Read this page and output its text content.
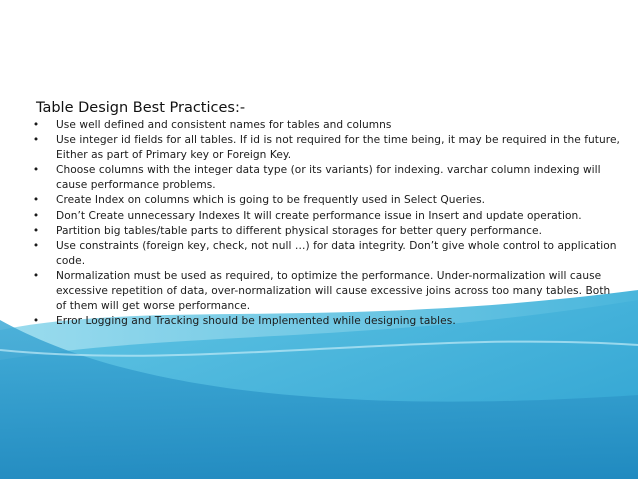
Table Design Best Practices:-
• Use well defined and consistent names for tables and columns
• Use integer id fields for all tables. If id is not required for the time being, it may be required in the future, Either as part of Primary key or Foreign Key.
• Choose columns with the integer data type (or its variants) for indexing. varchar column indexing will cause performance problems.
• Create Index on columns which is going to be frequently used in Select Queries.
• Don’t Create unnecessary Indexes It will create performance issue in Insert and update operation.
• Partition big tables/table parts to different physical storages for better query performance.
• Use constraints (foreign key, check, not null …) for data integrity. Don’t give whole control to application code.
• Normalization must be used as required, to optimize the performance. Under-normalization will cause excessive repetition of data, over-normalization will cause excessive joins across too many tables. Both of them will get worse performance.
• Error Logging and Tracking should be Implemented while designing tables.
